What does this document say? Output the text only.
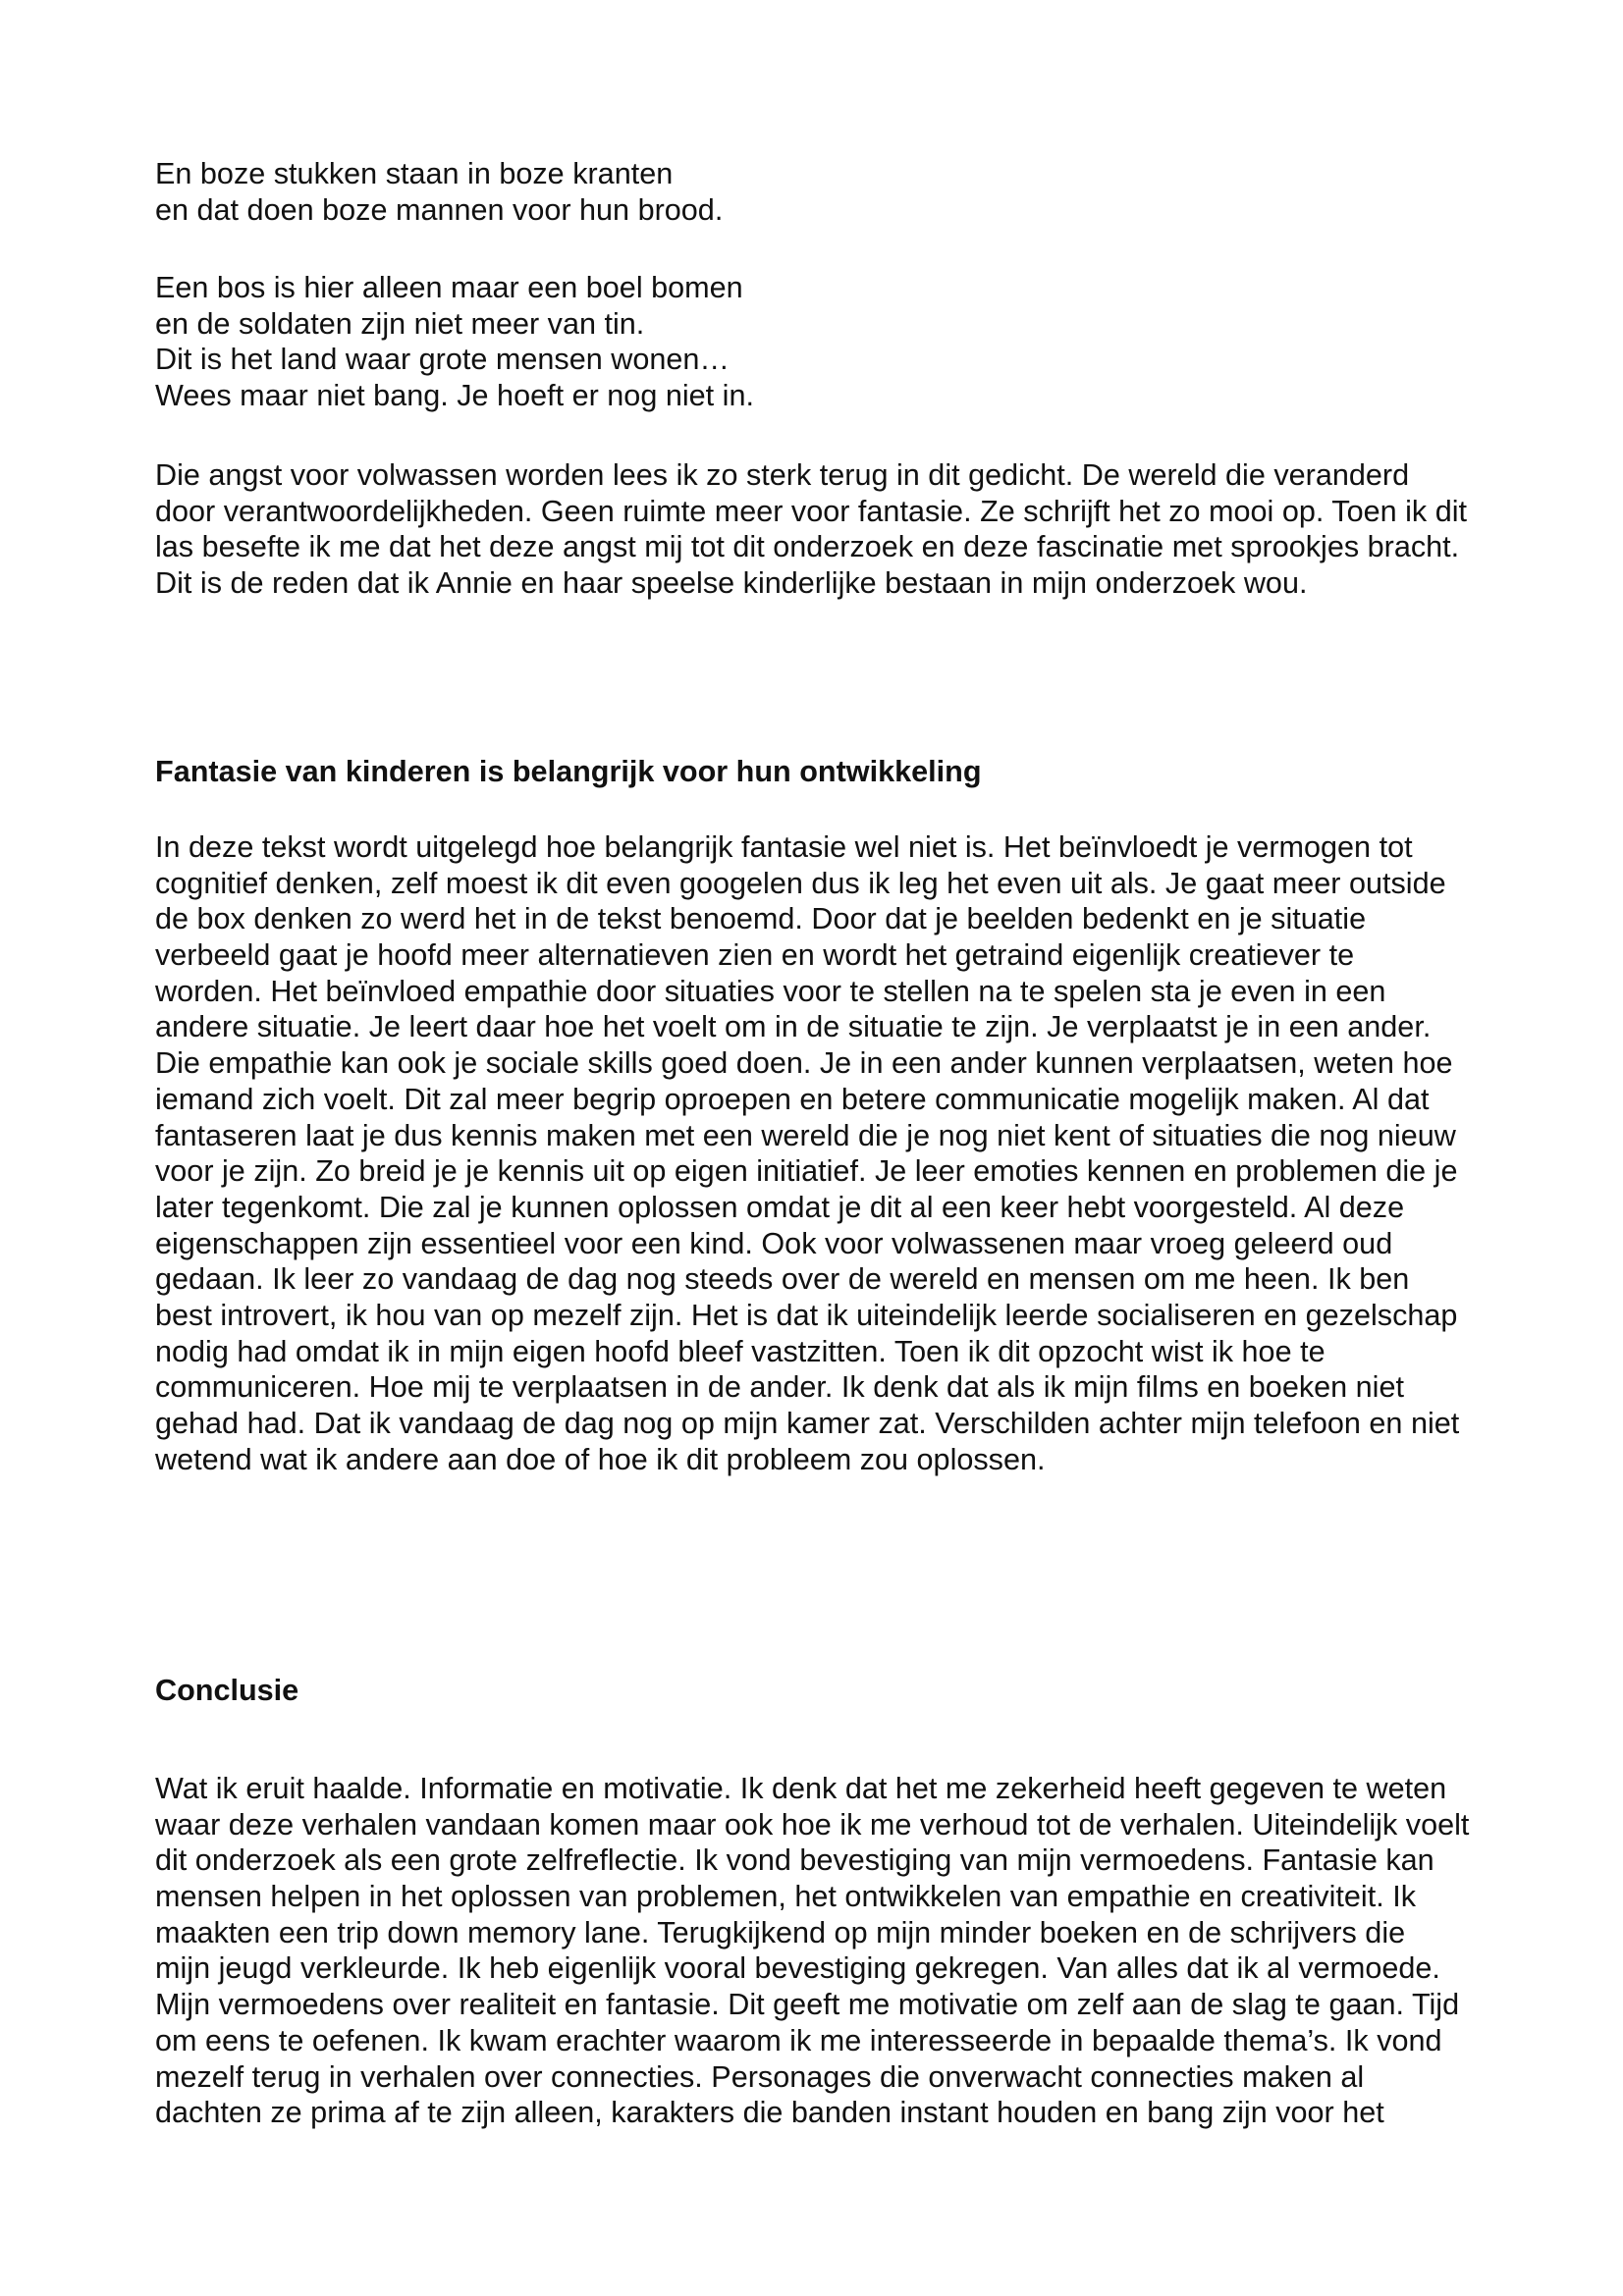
En boze stukken staan in boze kranten
en dat doen boze mannen voor hun brood.
Een bos is hier alleen maar een boel bomen
en de soldaten zijn niet meer van tin.
Dit is het land waar grote mensen wonen…
Wees maar niet bang. Je hoeft er nog niet in.
Die angst voor volwassen worden lees ik zo sterk terug in dit gedicht. De wereld die veranderd
door verantwoordelijkheden. Geen ruimte meer voor fantasie. Ze schrijft het zo mooi op. Toen ik dit
las besefte ik me dat het deze angst mij tot dit onderzoek en deze fascinatie met sprookjes bracht.
Dit is de reden dat ik Annie en haar speelse kinderlijke bestaan in mijn onderzoek wou.
Fantasie van kinderen is belangrijk voor hun ontwikkeling
In deze tekst wordt uitgelegd hoe belangrijk fantasie wel niet is. Het beïnvloedt je vermogen tot
cognitief denken, zelf moest ik dit even googelen dus ik leg het even uit als. Je gaat meer outside
de box denken zo werd het in de tekst benoemd. Door dat je beelden bedenkt en je situatie
verbeeld gaat je hoofd meer alternatieven zien en wordt het getraind eigenlijk creatiever te
worden. Het beïnvloed empathie door situaties voor te stellen na te spelen sta je even in een
andere situatie. Je leert daar hoe het voelt om in de situatie te zijn. Je verplaatst je in een ander.
Die empathie kan ook je sociale skills goed doen. Je in een ander kunnen verplaatsen, weten hoe
iemand zich voelt. Dit zal meer begrip oproepen en betere communicatie mogelijk maken. Al dat
fantaseren laat je dus kennis maken met een wereld die je nog niet kent of situaties die nog nieuw
voor je zijn. Zo breid je je kennis uit op eigen initiatief. Je leer emoties kennen en problemen die je
later tegenkomt. Die zal je kunnen oplossen omdat je dit al een keer hebt voorgesteld. Al deze
eigenschappen zijn essentieel voor een kind. Ook voor volwassenen maar vroeg geleerd oud
gedaan. Ik leer zo vandaag de dag nog steeds over de wereld en mensen om me heen. Ik ben
best introvert, ik hou van op mezelf zijn. Het is dat ik uiteindelijk leerde socialiseren en gezelschap
nodig had omdat ik in mijn eigen hoofd bleef vastzitten. Toen ik dit opzocht wist ik hoe te
communiceren. Hoe mij te verplaatsen in de ander. Ik denk dat als ik mijn films en boeken niet
gehad had. Dat ik vandaag de dag nog op mijn kamer zat. Verschilden achter mijn telefoon en niet
wetend wat ik andere aan doe of hoe ik dit probleem zou oplossen.
Conclusie
Wat ik eruit haalde. Informatie en motivatie. Ik denk dat het me zekerheid heeft gegeven te weten
waar deze verhalen vandaan komen maar ook hoe ik me verhoud tot de verhalen. Uiteindelijk voelt
dit onderzoek als een grote zelfreflectie. Ik vond bevestiging van mijn vermoedens. Fantasie kan
mensen helpen in het oplossen van problemen, het ontwikkelen van empathie en creativiteit. Ik
maakten een trip down memory lane. Terugkijkend op mijn minder boeken en de schrijvers die
mijn jeugd verkleurde. Ik heb eigenlijk vooral bevestiging gekregen. Van alles dat ik al vermoede.
Mijn vermoedens over realiteit en fantasie. Dit geeft me motivatie om zelf aan de slag te gaan. Tijd
om eens te oefenen. Ik kwam erachter waarom ik me interesseerde in bepaalde thema’s. Ik vond
mezelf terug in verhalen over connecties. Personages die onverwacht connecties maken al
dachten ze prima af te zijn alleen, karakters die banden instant houden en bang zijn voor het
